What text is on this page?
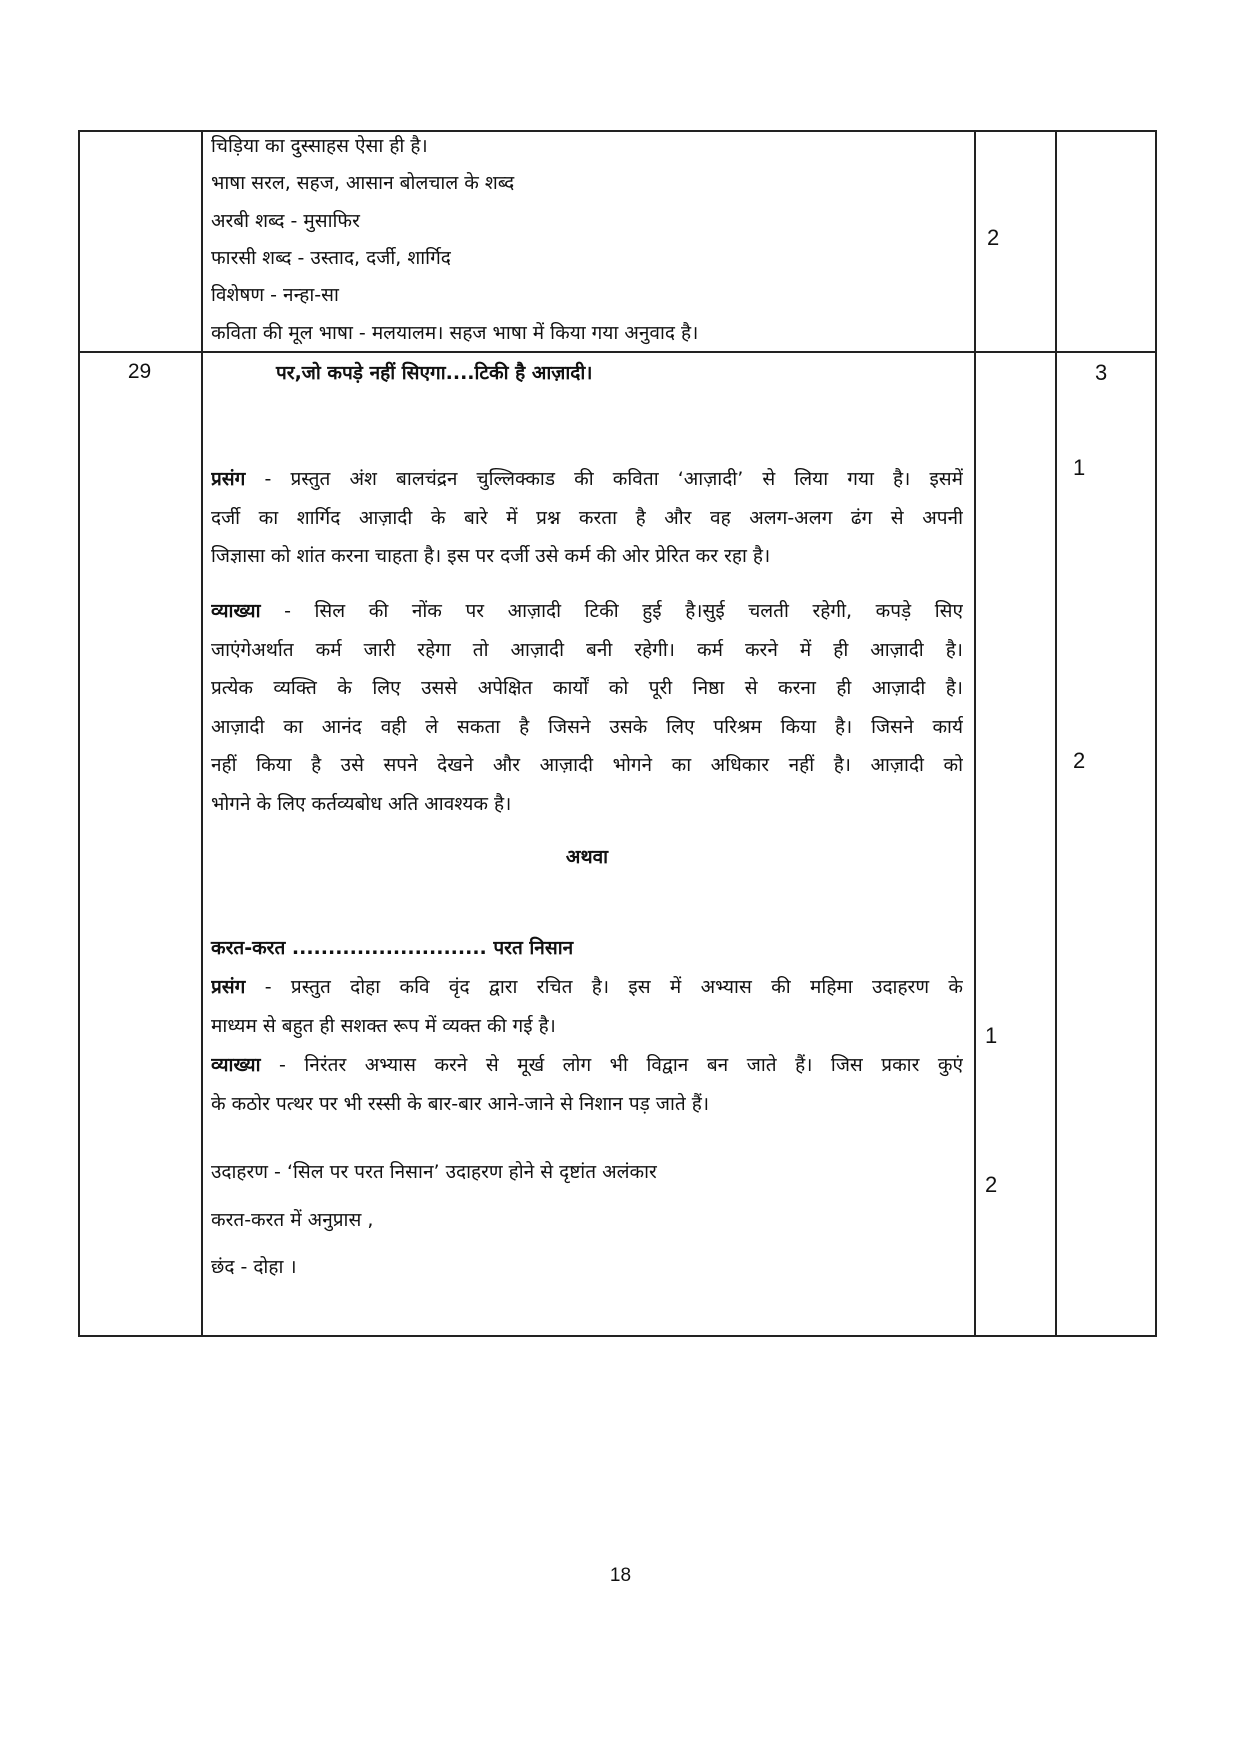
चिड़िया का दुस्साहस ऐसा ही है।
भाषा सरल, सहज, आसान बोलचाल के शब्द
अरबी शब्द - मुसाफिर
फारसी शब्द - उस्ताद, दर्जी, शार्गिद
विशेषण - नन्हा-सा
कविता की मूल भाषा - मलयालम। सहज भाषा में किया गया अनुवाद है।
2
29	3
पर,जो कपड़े नहीं सिएगा....टिकी है आज़ादी।
प्रसंग - प्रस्तुत अंश बालचंद्रन चुल्लिक्काड की कविता ‘आज़ादी’ से लिया गया है। इसमें
दर्जी का शार्गिद आज़ादी के बारे में प्रश्न करता है और वह अलग-अलग ढंग से अपनी
जिज्ञासा को शांत करना चाहता है। इस पर दर्जी उसे कर्म की ओर प्रेरित कर रहा है।
1
व्याख्या - सिल की नोंक पर आज़ादी टिकी हुई है।सुई चलती रहेगी, कपड़े सिए
जाएंगेअर्थात कर्म जारी रहेगा तो आज़ादी बनी रहेगी। कर्म करने में ही आज़ादी है।
प्रत्येक व्यक्ति के लिए उससे अपेक्षित कार्यों को पूरी निष्ठा से करना ही आज़ादी है।
आज़ादी का आनंद वही ले सकता है जिसने उसके लिए परिश्रम किया है। जिसने कार्य
नहीं किया है उसे सपने देखने और आज़ादी भोगने का अधिकार नहीं है। आज़ादी को
भोगने के लिए कर्तव्यबोध अति आवश्यक है।
2
अथवा
करत-करत ........................... परत निसान
प्रसंग - प्रस्तुत दोहा कवि वृंद द्वारा रचित है। इस में अभ्यास की महिमा उदाहरण के
माध्यम से बहुत ही सशक्त रूप में व्यक्त की गई है।	1
व्याख्या - निरंतर अभ्यास करने से मूर्ख लोग भी विद्वान बन जाते हैं। जिस प्रकार कुएं
के कठोर पत्थर पर भी रस्सी के बार-बार आने-जाने से निशान पड़ जाते हैं।
उदाहरण - ‘सिल पर परत निसान’ उदाहरण होने से दृष्टांत अलंकार
करत-करत में अनुप्रास ,
छंद - दोहा ।
2
18
